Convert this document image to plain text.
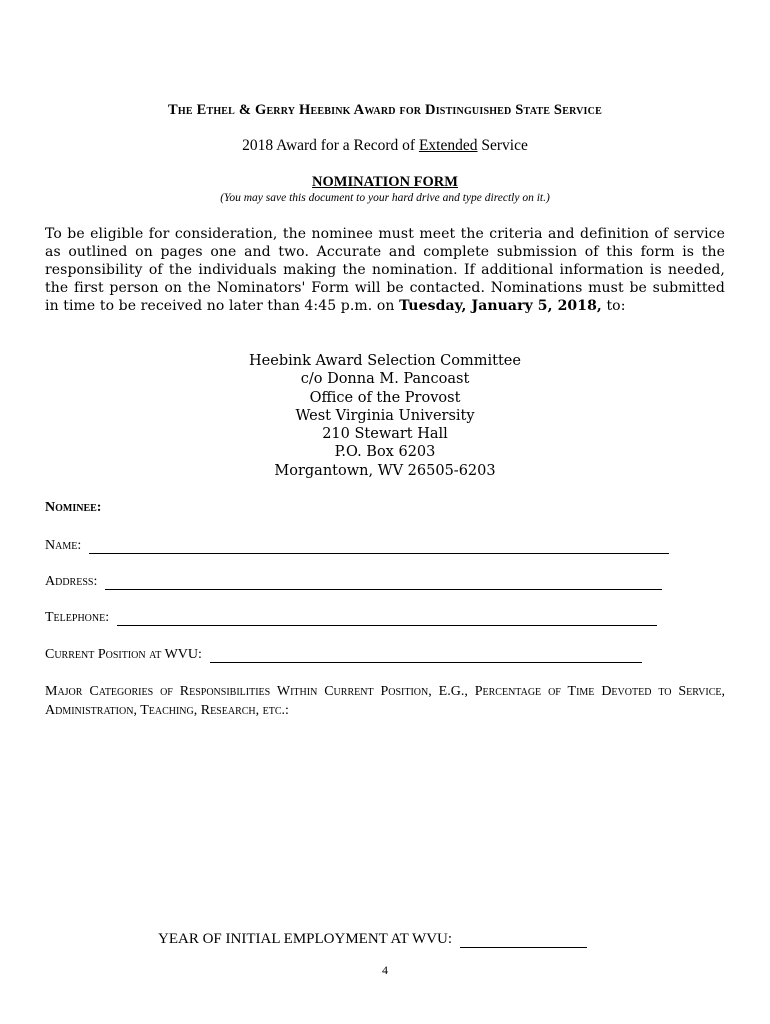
The Ethel & Gerry Heebink Award for Distinguished State Service
2018 Award for a Record of Extended Service
NOMINATION FORM
(You may save this document to your hard drive and type directly on it.)
To be eligible for consideration, the nominee must meet the criteria and definition of service as outlined on pages one and two. Accurate and complete submission of this form is the responsibility of the individuals making the nomination. If additional information is needed, the first person on the Nominators' Form will be contacted. Nominations must be submitted in time to be received no later than 4:45 p.m. on Tuesday, January 5, 2018, to:
Heebink Award Selection Committee
c/o Donna M. Pancoast
Office of the Provost
West Virginia University
210 Stewart Hall
P.O. Box 6203
Morgantown, WV 26505-6203
Nominee:
Name:
Address:
Telephone:
Current Position at WVU:
Major Categories of Responsibilities Within Current Position, E.G., Percentage of Time Devoted to Service, Administration, Teaching, Research, etc.:
YEAR OF INITIAL EMPLOYMENT AT WVU:
4
